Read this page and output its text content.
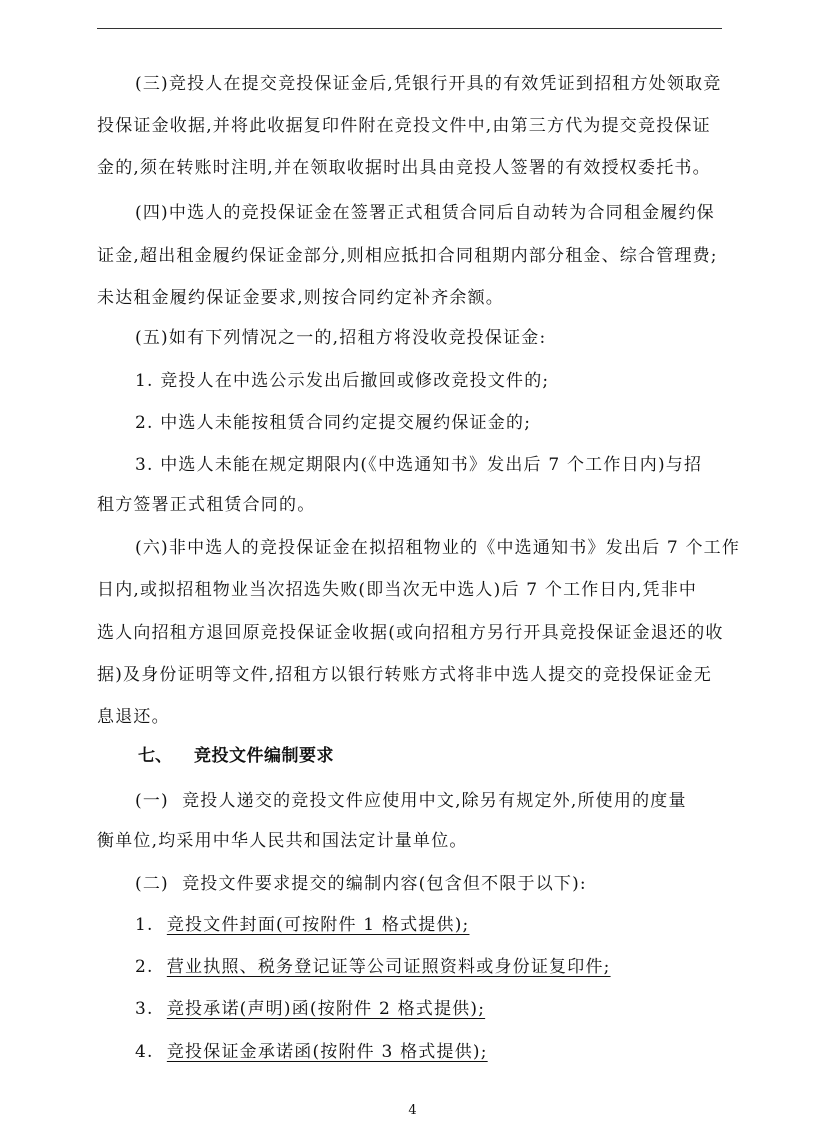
(三)竞投人在提交竞投保证金后,凭银行开具的有效凭证到招租方处领取竞
投保证金收据,并将此收据复印件附在竞投文件中,由第三方代为提交竞投保证
金的,须在转账时注明,并在领取收据时出具由竞投人签署的有效授权委托书。
(四)中选人的竞投保证金在签署正式租赁合同后自动转为合同租金履约保
证金,超出租金履约保证金部分,则相应抵扣合同租期内部分租金、综合管理费;
未达租金履约保证金要求,则按合同约定补齐余额。
(五)如有下列情况之一的,招租方将没收竞投保证金:
1. 竞投人在中选公示发出后撤回或修改竞投文件的;
2. 中选人未能按租赁合同约定提交履约保证金的;
3. 中选人未能在规定期限内(《中选通知书》发出后 7 个工作日内)与招
租方签署正式租赁合同的。
(六)非中选人的竞投保证金在拟招租物业的《中选通知书》发出后 7 个工作
日内,或拟招租物业当次招选失败(即当次无中选人)后 7 个工作日内,凭非中
选人向招租方退回原竞投保证金收据(或向招租方另行开具竞投保证金退还的收
据)及身份证明等文件,招租方以银行转账方式将非中选人提交的竞投保证金无
息退还。
七、 竞投文件编制要求
(一)  竞投人递交的竞投文件应使用中文,除另有规定外,所使用的度量
衡单位,均采用中华人民共和国法定计量单位。
(二)  竞投文件要求提交的编制内容(包含但不限于以下):
1. 竞投文件封面(可按附件 1 格式提供);
2. 营业执照、税务登记证等公司证照资料或身份证复印件;
3. 竞投承诺(声明)函(按附件 2 格式提供);
4. 竞投保证金承诺函(按附件 3 格式提供);
4
